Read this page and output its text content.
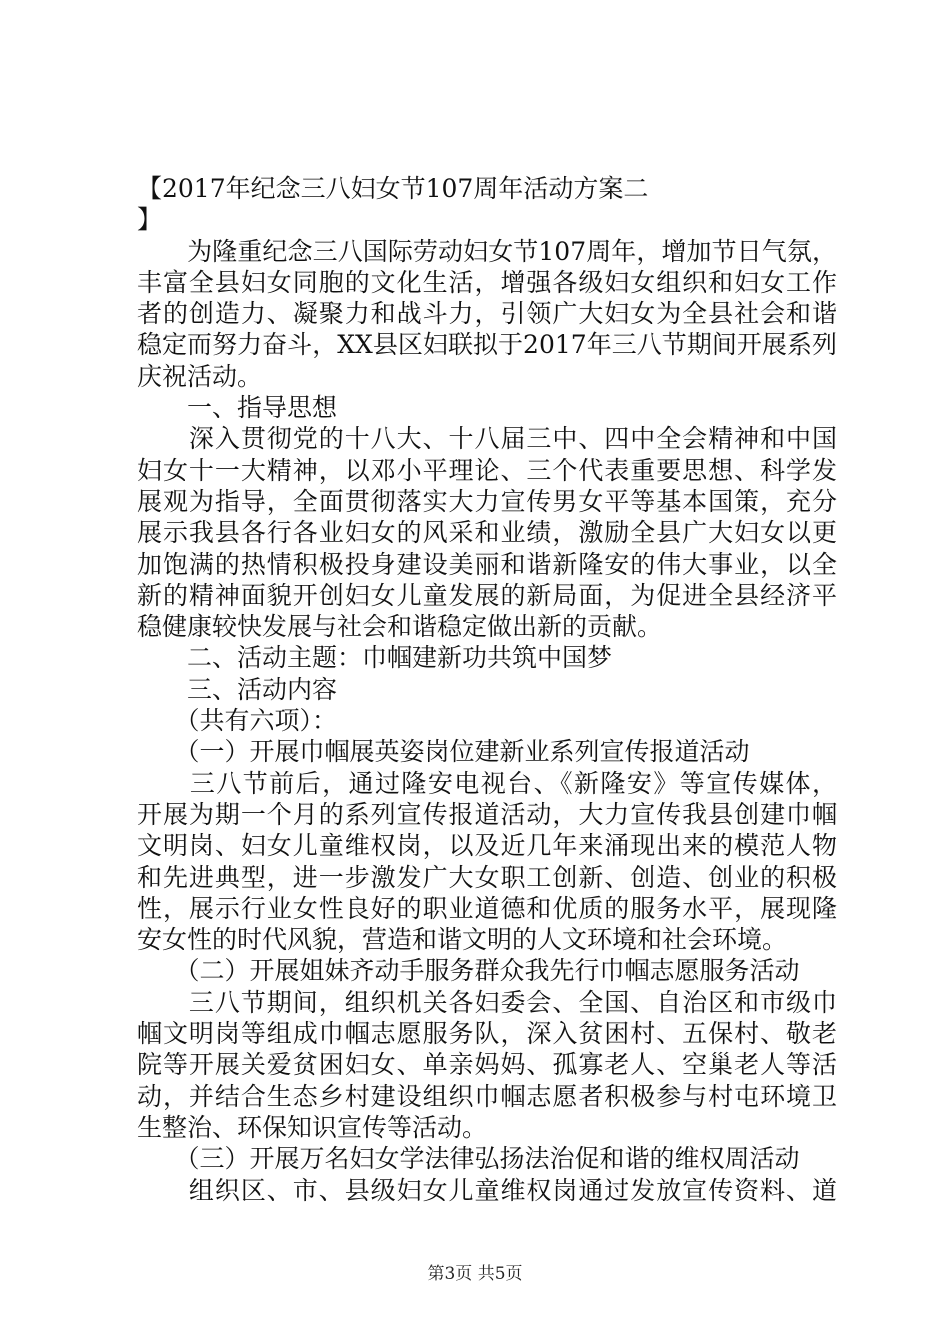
【2017年纪念三八妇女节107周年活动方案二
】
　　为隆重纪念三八国际劳动妇女节107周年，增加节日气氛，
丰富全县妇女同胞的文化生活，增强各级妇女组织和妇女工作
者的创造力、凝聚力和战斗力，引领广大妇女为全县社会和谐
稳定而努力奋斗，XX县区妇联拟于2017年三八节期间开展系列
庆祝活动。
　　一、指导思想
　　深入贯彻党的十八大、十八届三中、四中全会精神和中国
妇女十一大精神，以邓小平理论、三个代表重要思想、科学发
展观为指导，全面贯彻落实大力宣传男女平等基本国策，充分
展示我县各行各业妇女的风采和业绩，激励全县广大妇女以更
加饱满的热情积极投身建设美丽和谐新隆安的伟大事业，以全
新的精神面貌开创妇女儿童发展的新局面，为促进全县经济平
稳健康较快发展与社会和谐稳定做出新的贡献。
　　二、活动主题：巾帼建新功共筑中国梦
　　三、活动内容
　　（共有六项）：
　　（一）开展巾帼展英姿岗位建新业系列宣传报道活动
　　三八节前后，通过隆安电视台、《新隆安》等宣传媒体，
开展为期一个月的系列宣传报道活动，大力宣传我县创建巾帼
文明岗、妇女儿童维权岗，以及近几年来涌现出来的模范人物
和先进典型，进一步激发广大女职工创新、创造、创业的积极
性，展示行业女性良好的职业道德和优质的服务水平，展现隆
安女性的时代风貌，营造和谐文明的人文环境和社会环境。
　　（二）开展姐妹齐动手服务群众我先行巾帼志愿服务活动
　　三八节期间，组织机关各妇委会、全国、自治区和市级巾
帼文明岗等组成巾帼志愿服务队，深入贫困村、五保村、敬老
院等开展关爱贫困妇女、单亲妈妈、孤寡老人、空巢老人等活
动，并结合生态乡村建设组织巾帼志愿者积极参与村屯环境卫
生整治、环保知识宣传等活动。
　　（三）开展万名妇女学法律弘扬法治促和谐的维权周活动
　　组织区、市、县级妇女儿童维权岗通过发放宣传资料、道
第3页 共5页
